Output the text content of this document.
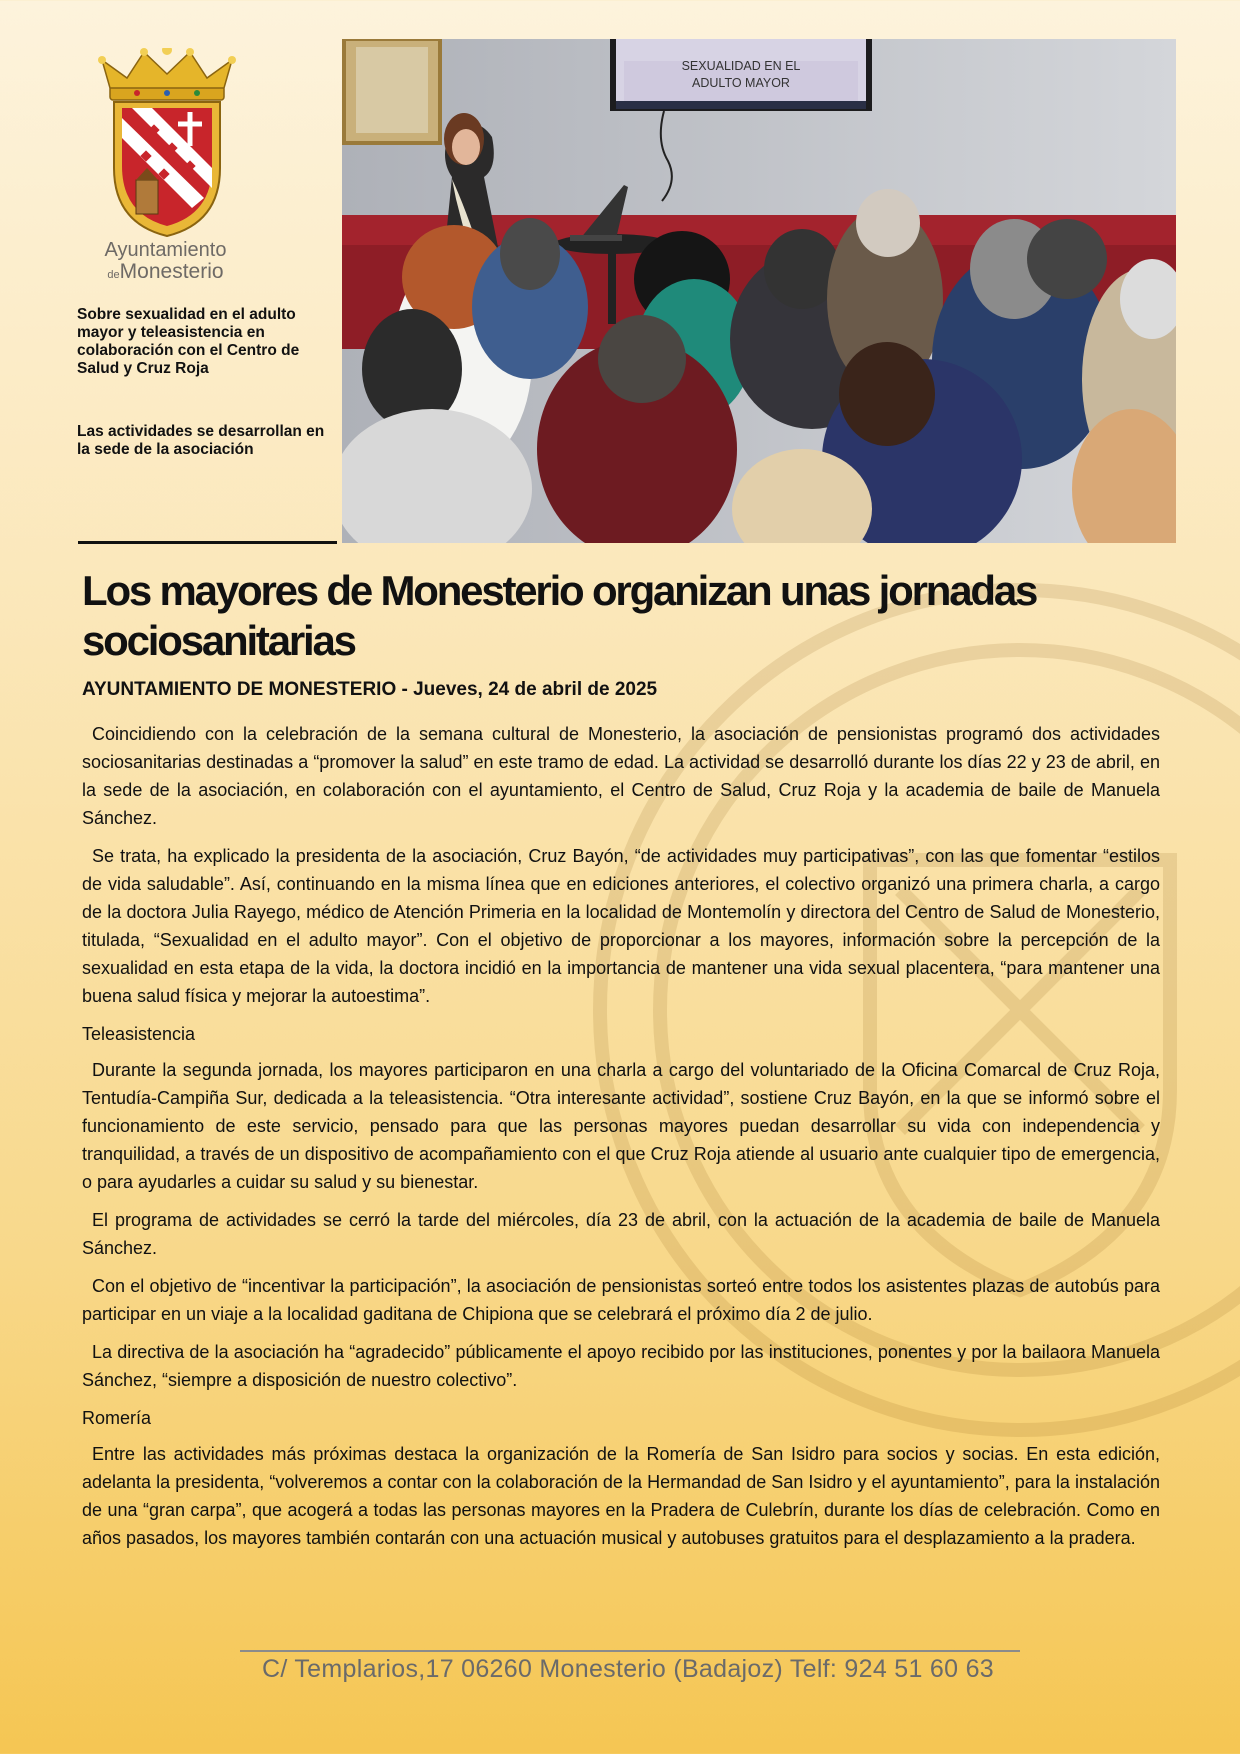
Ayuntamiento
deMonesterio

Sobre sexualidad en el adulto mayor y teleasistencia en colaboración con el Centro de Salud y Cruz Roja

Las actividades se desarrollan en la sede de la asociación

SEXUALIDAD EN EL
ADULTO MAYOR
Los mayores de Monesterio organizan unas jornadas sociosanitarias

AYUNTAMIENTO DE MONESTERIO - Jueves, 24 de abril de 2025

Coincidiendo con la celebración de la semana cultural de Monesterio, la asociación de pensionistas programó dos actividades sociosanitarias destinadas a “promover la salud” en este tramo de edad. La actividad se desarrolló durante los días 22 y 23 de abril, en la sede de la asociación, en colaboración con el ayuntamiento, el Centro de Salud, Cruz Roja y la academia de baile de Manuela Sánchez.

Se trata, ha explicado la presidenta de la asociación, Cruz Bayón, “de actividades muy participativas”, con las que fomentar “estilos de vida saludable”. Así, continuando en la misma línea que en ediciones anteriores, el colectivo organizó una primera charla, a cargo de la doctora Julia Rayego, médico de Atención Primeria en la localidad de Montemolín y directora del Centro de Salud de Monesterio, titulada, “Sexualidad en el adulto mayor”. Con el objetivo de proporcionar a los mayores, información sobre la percepción de la sexualidad en esta etapa de la vida, la doctora incidió en la importancia de mantener una vida sexual placentera, “para mantener una buena salud física y mejorar la autoestima”.

Teleasistencia

Durante la segunda jornada, los mayores participaron en una charla a cargo del voluntariado de la Oficina Comarcal de Cruz Roja, Tentudía-Campiña Sur, dedicada a la teleasistencia. “Otra interesante actividad”, sostiene Cruz Bayón, en la que se informó sobre el funcionamiento de este servicio, pensado para que las personas mayores puedan desarrollar su vida con independencia y tranquilidad, a través de un dispositivo de acompañamiento con el que Cruz Roja atiende al usuario ante cualquier tipo de emergencia, o para ayudarles a cuidar su salud y su bienestar.

El programa de actividades se cerró la tarde del miércoles, día 23 de abril, con la actuación de la academia de baile de Manuela Sánchez.

Con el objetivo de “incentivar la participación”, la asociación de pensionistas sorteó entre todos los asistentes plazas de autobús para participar en un viaje a la localidad gaditana de Chipiona que se celebrará el próximo día 2 de julio.

La directiva de la asociación ha “agradecido” públicamente el apoyo recibido por las instituciones, ponentes y por la bailaora Manuela Sánchez, “siempre a disposición de nuestro colectivo”.

Romería

Entre las actividades más próximas destaca la organización de la Romería de San Isidro para socios y socias. En esta edición, adelanta la presidenta, “volveremos a contar con la colaboración de la Hermandad de San Isidro y el ayuntamiento”, para la instalación de una “gran carpa”, que acogerá a todas las personas mayores en la Pradera de Culebrín, durante los días de celebración. Como en años pasados, los mayores también contarán con una actuación musical y autobuses gratuitos para el desplazamiento a la pradera.

C/ Templarios,17 06260 Monesterio (Badajoz) Telf: 924 51 60 63
